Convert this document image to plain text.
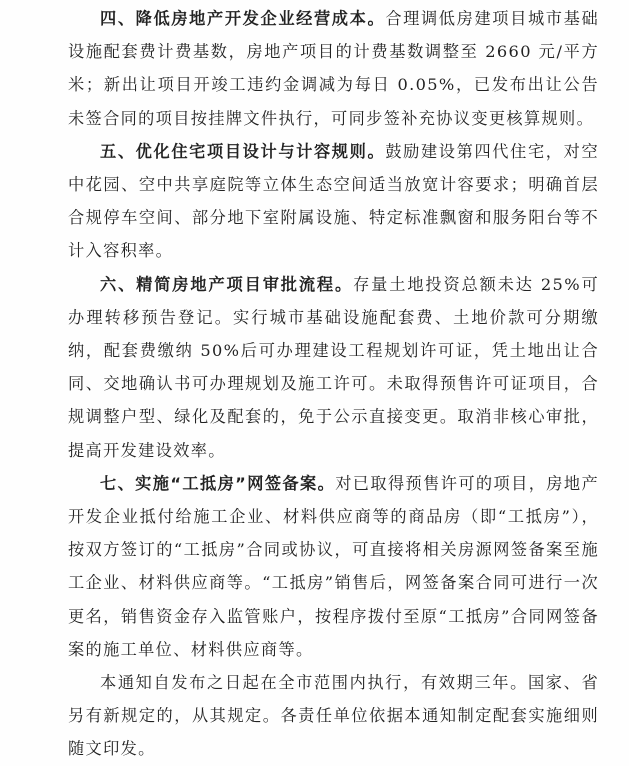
四、降低房地产开发企业经营成本。合理调低房建项目城市基础设施配套费计费基数，房地产项目的计费基数调整至 2660 元/平方米；新出让项目开竣工违约金调减为每日 0.05%，已发布出让公告未签合同的项目按挂牌文件执行，可同步签补充协议变更核算规则。

五、优化住宅项目设计与计容规则。鼓励建设第四代住宅，对空中花园、空中共享庭院等立体生态空间适当放宽计容要求；明确首层合规停车空间、部分地下室附属设施、特定标准飘窗和服务阳台等不计入容积率。

六、精简房地产项目审批流程。存量土地投资总额未达 25%可办理转移预告登记。实行城市基础设施配套费、土地价款可分期缴纳，配套费缴纳 50%后可办理建设工程规划许可证，凭土地出让合同、交地确认书可办理规划及施工许可。未取得预售许可证项目，合规调整户型、绿化及配套的，免于公示直接变更。取消非核心审批，提高开发建设效率。

七、实施“工抵房”网签备案。对已取得预售许可的项目，房地产开发企业抵付给施工企业、材料供应商等的商品房（即“工抵房”），按双方签订的“工抵房”合同或协议，可直接将相关房源网签备案至施工企业、材料供应商等。“工抵房”销售后，网签备案合同可进行一次更名，销售资金存入监管账户，按程序拨付至原“工抵房”合同网签备案的施工单位、材料供应商等。

本通知自发布之日起在全市范围内执行，有效期三年。国家、省另有新规定的，从其规定。各责任单位依据本通知制定配套实施细则随文印发。
